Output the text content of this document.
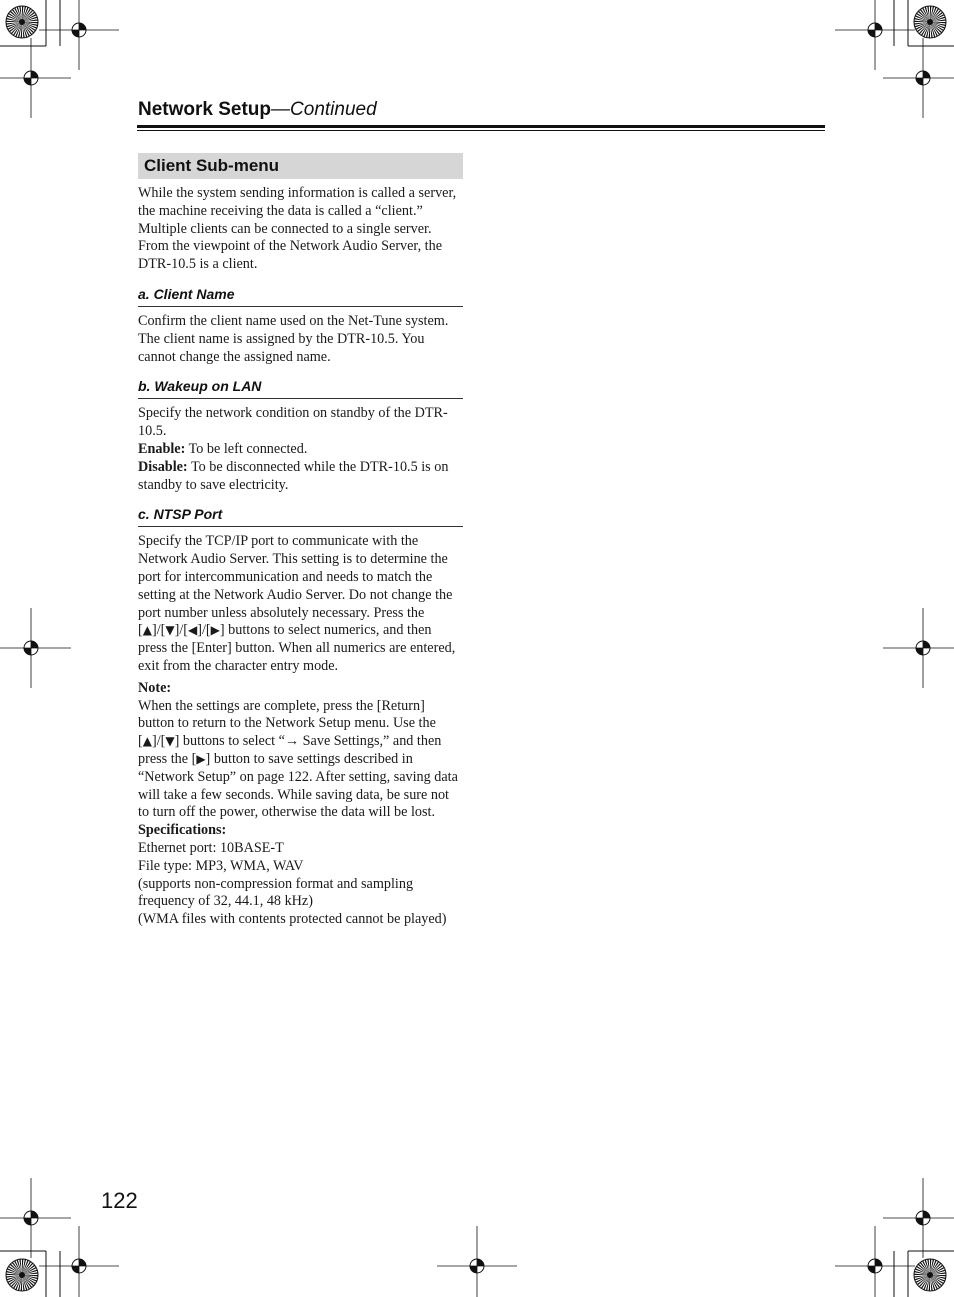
Network Setup—Continued
Client Sub-menu

While the system sending information is called a server, the machine receiving the data is called a “client.” Multiple clients can be connected to a single server. From the viewpoint of the Network Audio Server, the DTR-10.5 is a client.

a. Client Name

Confirm the client name used on the Net-Tune system. The client name is assigned by the DTR-10.5. You cannot change the assigned name.

b. Wakeup on LAN

Specify the network condition on standby of the DTR-10.5.
Enable: To be left connected.
Disable: To be disconnected while the DTR-10.5 is on standby to save electricity.

c. NTSP Port

Specify the TCP/IP port to communicate with the Network Audio Server. This setting is to determine the port for intercommunication and needs to match the setting at the Network Audio Server. Do not change the port number unless absolutely necessary. Press the [▲]/[▼]/[◀]/[▶] buttons to select numerics, and then press the [Enter] button. When all numerics are entered, exit from the character entry mode.

Note:
When the settings are complete, press the [Return] button to return to the Network Setup menu. Use the [▲]/[▼] buttons to select “→ Save Settings,” and then press the [▶] button to save settings described in “Network Setup” on page 122. After setting, saving data will take a few seconds. While saving data, be sure not to turn off the power, otherwise the data will be lost.

Specifications:
Ethernet port: 10BASE-T
File type: MP3, WMA, WAV
(supports non-compression format and sampling frequency of 32, 44.1, 48 kHz)
(WMA files with contents protected cannot be played)

122
